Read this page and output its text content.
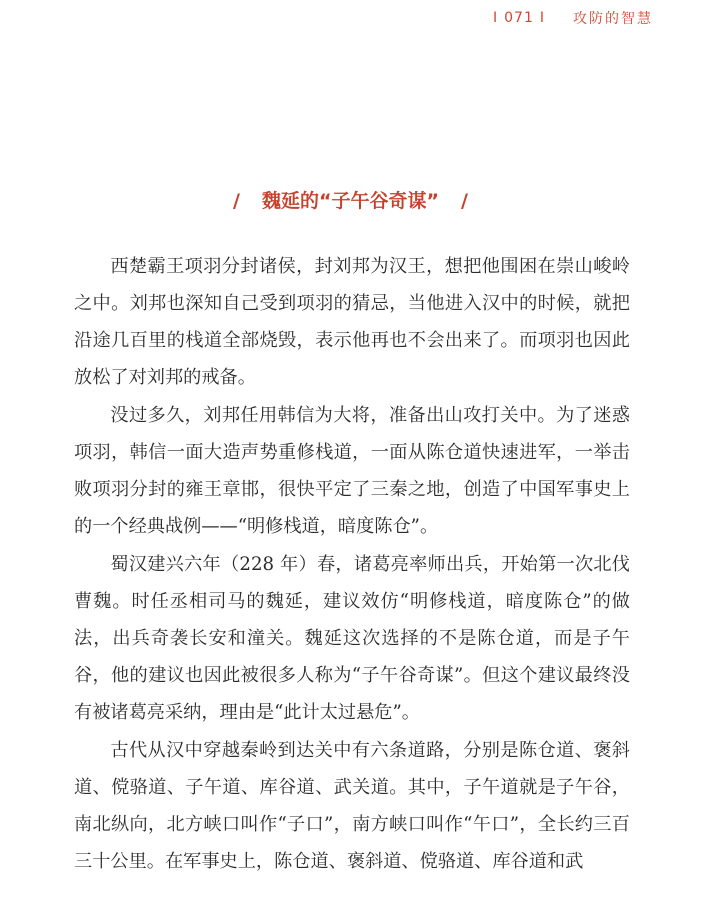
I 071 I 攻防的智慧
/ 魏延的“子午谷奇谋” /

西楚霸王项羽分封诸侯，封刘邦为汉王，想把他围困在崇山峻岭之中。刘邦也深知自己受到项羽的猜忌，当他进入汉中的时候，就把沿途几百里的栈道全部烧毁，表示他再也不会出来了。而项羽也因此放松了对刘邦的戒备。

没过多久，刘邦任用韩信为大将，准备出山攻打关中。为了迷惑项羽，韩信一面大造声势重修栈道，一面从陈仓道快速进军，一举击败项羽分封的雍王章邯，很快平定了三秦之地，创造了中国军事史上的一个经典战例——“明修栈道，暗度陈仓”。

蜀汉建兴六年（228 年）春，诸葛亮率师出兵，开始第一次北伐曹魏。时任丞相司马的魏延，建议效仿“明修栈道，暗度陈仓”的做法，出兵奇袭长安和潼关。魏延这次选择的不是陈仓道，而是子午谷，他的建议也因此被很多人称为“子午谷奇谋”。但这个建议最终没有被诸葛亮采纳，理由是“此计太过悬危”。

古代从汉中穿越秦岭到达关中有六条道路，分别是陈仓道、褒斜道、傥骆道、子午道、库谷道、武关道。其中，子午道就是子午谷，南北纵向，北方峡口叫作“子口”，南方峡口叫作“午口”，全长约三百三十公里。在军事史上，陈仓道、褒斜道、傥骆道、库谷道和武
